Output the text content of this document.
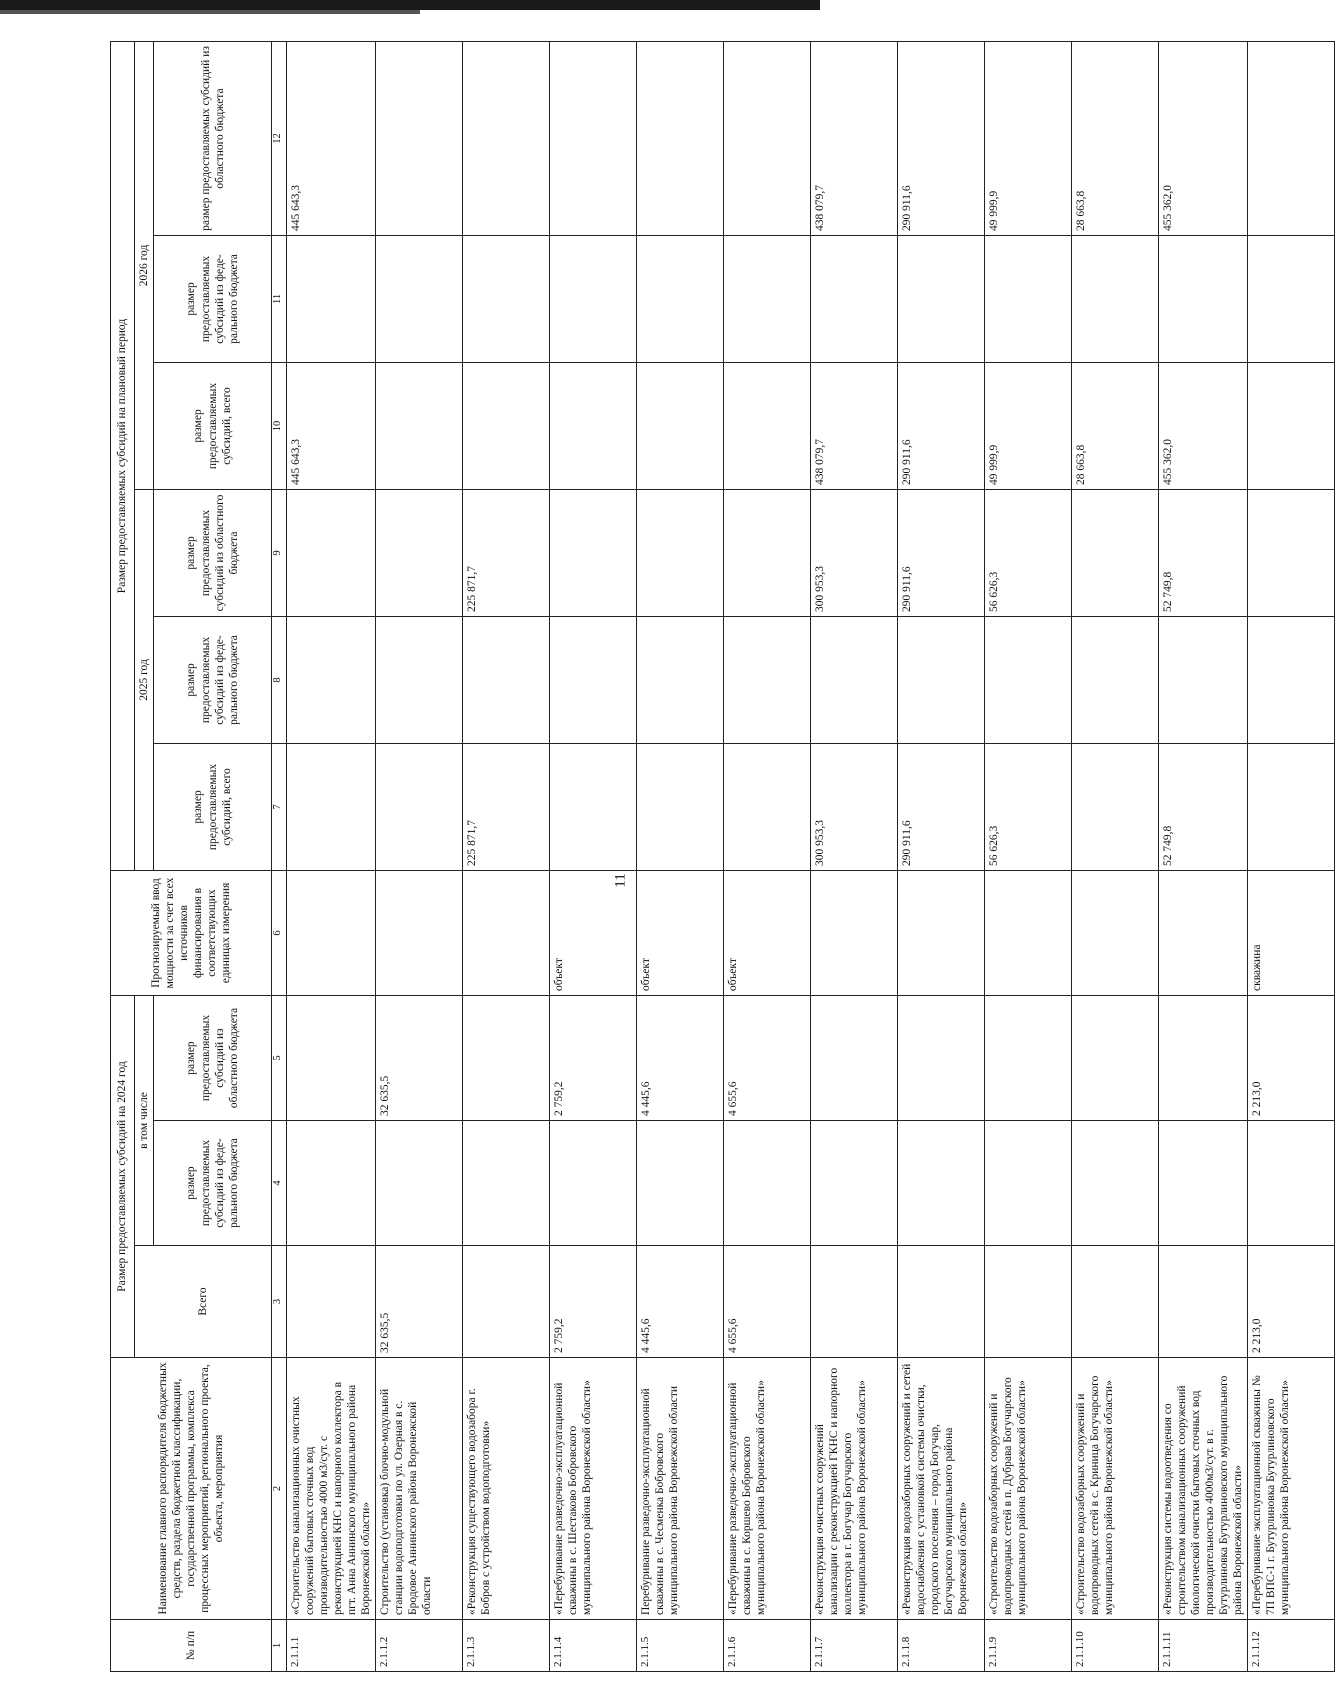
11
№ п/п	Наименование главного распорядителя бюджетных средств, раздела бюджетной классификации, государственной программы, комплекса процессных мероприятий, регионального проекта, объекта, мероприятия	Размер предоставляемых субсидий на 2024 год			Прогнозируемый ввод мощности за счет всех источников финансирования в соответствующих единицах измерения	Размер предоставляемых субсидий на плановый период					
		Всего	в том числе			2025 год			2026 год		
			размер предоставляемых субсидий из феде-рального бюджета	размер предоставляемых субсидий из областного бюджета		размер предоставляемых субсидий, всего	размер предоставляемых субсидий из феде-рального бюджета	размер предоставляемых субсидий из областного бюджета	размер предоставляемых субсидий, всего	размер предоставляемых субсидий из феде-рального бюджета	размер предоставляемых субсидий из областного бюджета
1	2	3	4	5	6	7	8	9	10	11	12
2.1.1.1	«Строительство канализационных очистных сооружений бытовых сточных вод производительностью 4000 м3/сут. с реконструкцией КНС и напорного коллектора в пгт. Анна Аннинского муниципального района Воронежской области»								445 643,3		445 643,3
2.1.1.2	Строительство (установка) блочно-модульной станции водоподготовки по ул. Озерная в с. Бродовое Аннинского района Воронежской области	32 635,5		32 635,5							
2.1.1.3	«Реконструкция существующего водозабора г. Бобров с устройством водоподготовки»					225 871,7		225 871,7			
2.1.1.4	«Перебуривание разведочно-эксплуатационной скважины в с. Шестаково Бобровского муниципального района Воронежской области»	2 759,2		2 759,2	объект						
2.1.1.5	Перебуривание разведочно-эксплуатационной скважины в с. Чесменка Бобровского муниципального района Воронежской области	4 445,6		4 445,6	объект						
2.1.1.6	«Перебуривание разведочно-эксплуатационной скважины в с. Коршево Бобровского муниципального района Воронежской области»	4 655,6		4 655,6	объект						
2.1.1.7	«Реконструкция очистных сооружений канализации с реконструкцией ГКНС и напорного коллектора в г. Богучар Богучарского муниципального района Воронежской области»					300 953,3		300 953,3	438 079,7		438 079,7
2.1.1.8	«Реконструкция водозаборных сооружений и сетей водоснабжения с установкой системы очистки, городского поселения – город Богучар, Богучарского муниципального района Воронежской области»					290 911,6		290 911,6	290 911,6		290 911,6
2.1.1.9	«Строительство водозаборных сооружений и водопроводных сетей в п. Дубрава Богучарского муниципального района Воронежской области»					56 626,3		56 626,3	49 999,9		49 999,9
2.1.1.10	«Строительство водозаборных сооружений и водопроводных сетей в с. Криница Богучарского муниципального района Воронежской области»								28 663,8		28 663,8
2.1.1.11	«Реконструкция системы водоотведения со строительством канализационных сооружений биологической очистки бытовых сточных вод производительностью 4000м3/сут. в г. Бутурлиновка Бутурлиновского муниципального района Воронежской области»					52 749,8		52 749,8	455 362,0		455 362,0
2.1.1.12	«Перебуривание эксплуатационной скважины № 7П ВПС-1 г. Бутурлиновка Бутурлиновского муниципального района Воронежской области»	2 213,0		2 213,0	скважина						
